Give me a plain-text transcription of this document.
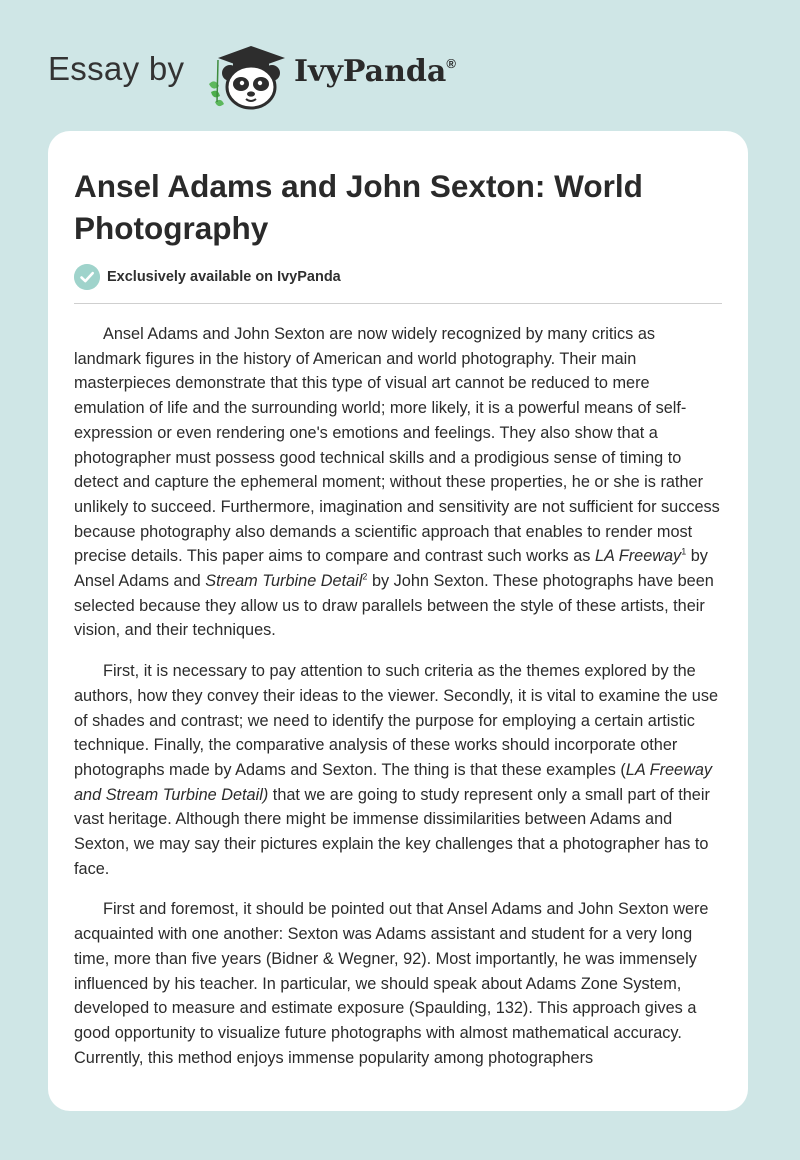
Essay by	IvyPanda®
Ansel Adams and John Sexton: World Photography
Exclusively available on IvyPanda

Ansel Adams and John Sexton are now widely recognized by many critics as landmark figures in the history of American and world photography. Their main masterpieces demonstrate that this type of visual art cannot be reduced to mere emulation of life and the surrounding world; more likely, it is a powerful means of self-expression or even rendering one's emotions and feelings. They also show that a photographer must possess good technical skills and a prodigious sense of timing to detect and capture the ephemeral moment; without these properties, he or she is rather unlikely to succeed. Furthermore, imagination and sensitivity are not sufficient for success because photography also demands a scientific approach that enables to render most precise details. This paper aims to compare and contrast such works as LA Freeway$^1$ by Ansel Adams and Stream Turbine Detail$^2$ by John Sexton. These photographs have been selected because they allow us to draw parallels between the style of these artists, their vision, and their techniques.

First, it is necessary to pay attention to such criteria as the themes explored by the authors, how they convey their ideas to the viewer. Secondly, it is vital to examine the use of shades and contrast; we need to identify the purpose for employing a certain artistic technique. Finally, the comparative analysis of these works should incorporate other photographs made by Adams and Sexton. The thing is that these examples (LA Freeway and Stream Turbine Detail) that we are going to study represent only a small part of their vast heritage. Although there might be immense dissimilarities between Adams and Sexton, we may say their pictures explain the key challenges that a photographer has to face.

First and foremost, it should be pointed out that Ansel Adams and John Sexton were acquainted with one another: Sexton was Adams assistant and student for a very long time, more than five years (Bidner & Wegner, 92). Most importantly, he was immensely influenced by his teacher. In particular, we should speak about Adams Zone System, developed to measure and estimate exposure (Spaulding, 132). This approach gives a good opportunity to visualize future photographs with almost mathematical accuracy. Currently, this method enjoys immense popularity among photographers
